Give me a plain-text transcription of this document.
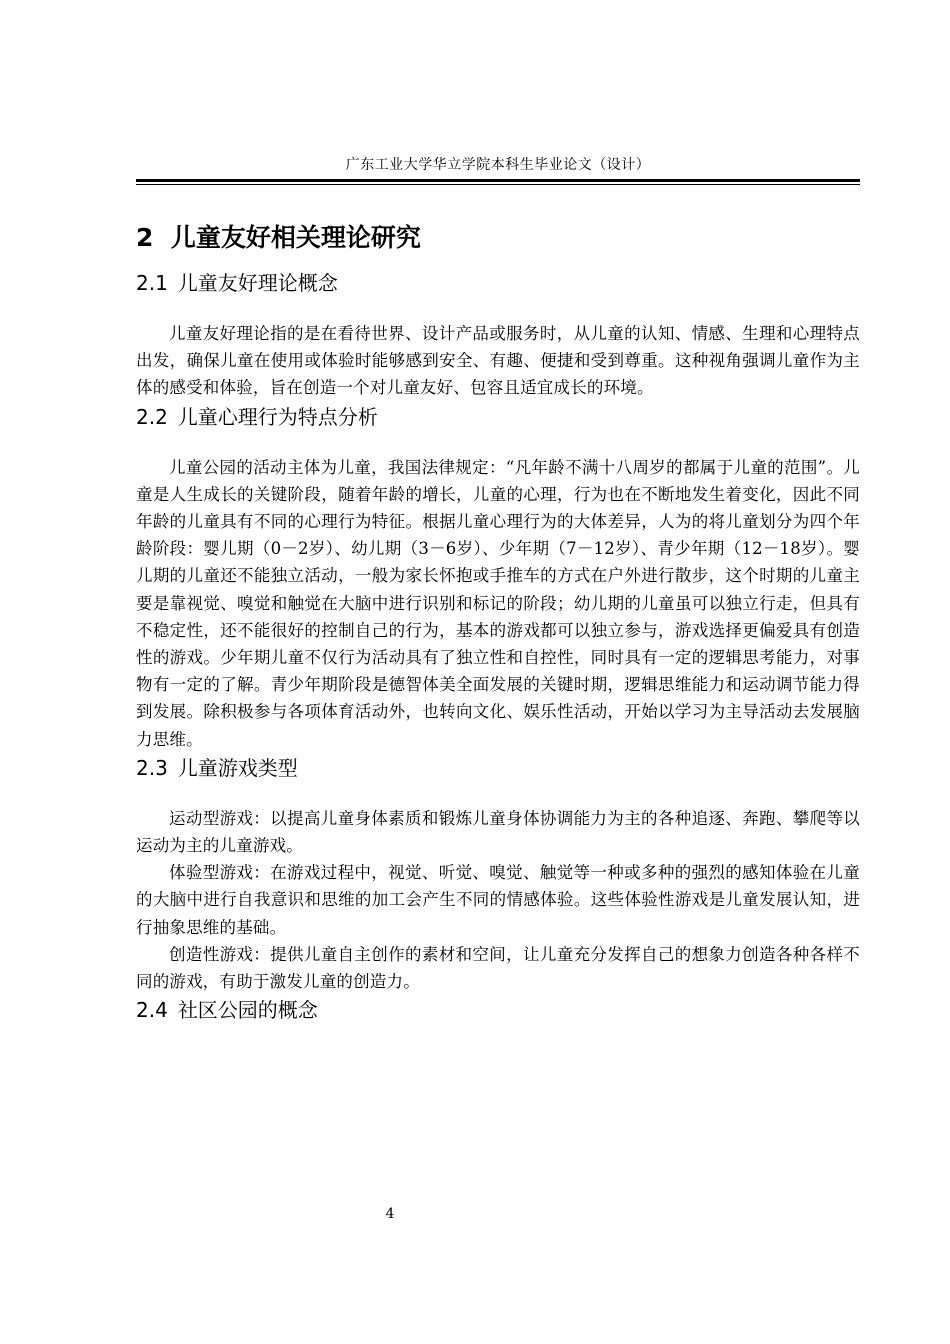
广东工业大学华立学院本科生毕业论文（设计）
2 儿童友好相关理论研究
2.1 儿童友好理论概念

儿童友好理论指的是在看待世界、设计产品或服务时，从儿童的认知、情感、生理和心理特点出发，确保儿童在使用或体验时能够感到安全、有趣、便捷和受到尊重。这种视角强调儿童作为主体的感受和体验，旨在创造一个对儿童友好、包容且适宜成长的环境。

2.2 儿童心理行为特点分析

儿童公园的活动主体为儿童，我国法律规定：“凡年龄不满十八周岁的都属于儿童的范围”。儿童是人生成长的关键阶段，随着年龄的增长，儿童的心理，行为也在不断地发生着变化，因此不同年龄的儿童具有不同的心理行为特征。根据儿童心理行为的大体差异，人为的将儿童划分为四个年龄阶段：婴儿期（0－2岁）、幼儿期（3－6岁）、少年期（7－12岁）、青少年期（12－18岁）。婴儿期的儿童还不能独立活动，一般为家长怀抱或手推车的方式在户外进行散步，这个时期的儿童主要是靠视觉、嗅觉和触觉在大脑中进行识别和标记的阶段；幼儿期的儿童虽可以独立行走，但具有不稳定性，还不能很好的控制自己的行为，基本的游戏都可以独立参与，游戏选择更偏爱具有创造性的游戏。少年期儿童不仅行为活动具有了独立性和自控性，同时具有一定的逻辑思考能力，对事物有一定的了解。青少年期阶段是德智体美全面发展的关键时期，逻辑思维能力和运动调节能力得到发展。除积极参与各项体育活动外，也转向文化、娱乐性活动，开始以学习为主导活动去发展脑力思维。

2.3 儿童游戏类型

运动型游戏：以提高儿童身体素质和锻炼儿童身体协调能力为主的各种追逐、奔跑、攀爬等以运动为主的儿童游戏。

体验型游戏：在游戏过程中，视觉、听觉、嗅觉、触觉等一种或多种的强烈的感知体验在儿童的大脑中进行自我意识和思维的加工会产生不同的情感体验。这些体验性游戏是儿童发展认知，进行抽象思维的基础。

创造性游戏：提供儿童自主创作的素材和空间，让儿童充分发挥自己的想象力创造各种各样不同的游戏，有助于激发儿童的创造力。

2.4 社区公园的概念
4
